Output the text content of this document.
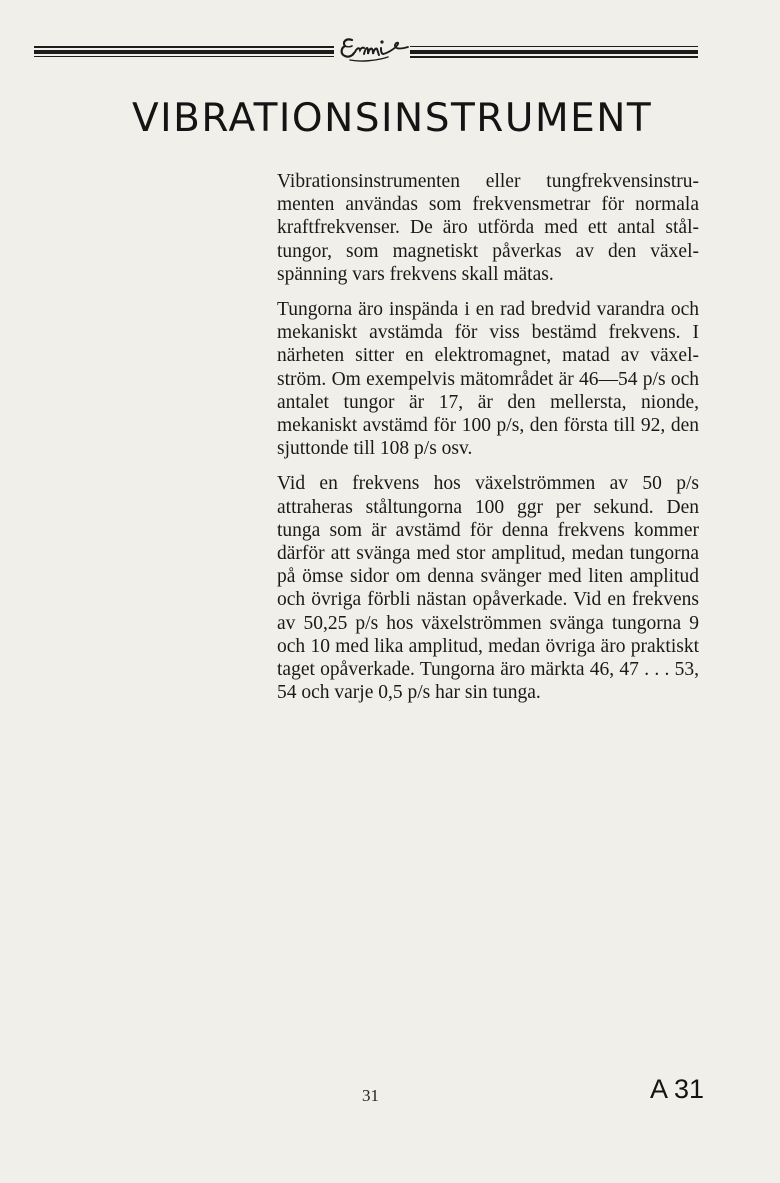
VIBRATIONSINSTRUMENT

Vibrationsinstrumenten eller tungfrekvensinstrumenten användas som frekvensmetrar för normala kraftfrekvenser. De äro utförda med ett antal ståltungor, som magnetiskt påverkas av den växelspänning vars frekvens skall mätas.

Tungorna äro inspända i en rad bredvid varandra och mekaniskt avstämda för viss bestämd frekvens. I närheten sitter en elektromagnet, matad av växelström. Om exempelvis mätområdet är 46—54 p/s och antalet tungor är 17, är den mellersta, nionde, mekaniskt avstämd för 100 p/s, den första till 92, den sjuttonde till 108 p/s osv.

Vid en frekvens hos växelströmmen av 50 p/s attraheras ståltungorna 100 ggr per sekund. Den tunga som är avstämd för denna frekvens kommer därför att svänga med stor amplitud, medan tungorna på ömse sidor om denna svänger med liten amplitud och övriga förbli nästan opåverkade. Vid en frekvens av 50,25 p/s hos växelströmmen svänga tungorna 9 och 10 med lika amplitud, medan övriga äro praktiskt taget opåverkade. Tungorna äro märkta 46, 47 . . . 53, 54 och varje 0,5 p/s har sin tunga.

31	A 31
